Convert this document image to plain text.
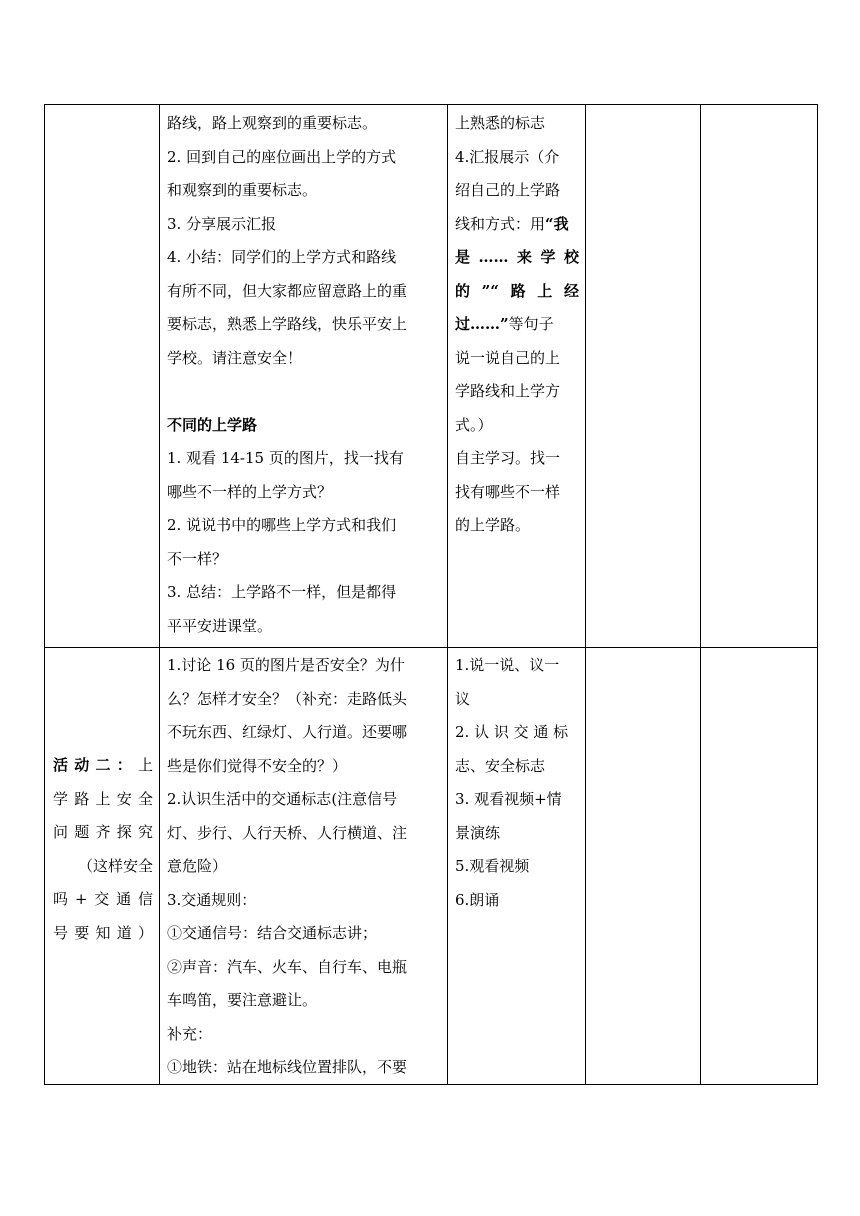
路线，路上观察到的重要标志。
2. 回到自己的座位画出上学的方式
和观察到的重要标志。
3. 分享展示汇报
4. 小结：同学们的上学方式和路线
有所不同，但大家都应留意路上的重
要标志，熟悉上学路线，快乐平安上
学校。请注意安全！
不同的上学路
1. 观看 14-15 页的图片，找一找有
哪些不一样的上学方式？
2. 说说书中的哪些上学方式和我们
不一样？
3. 总结：上学路不一样，但是都得
平平安进课堂。
上熟悉的标志
4.汇报展示（介
绍自己的上学路
线和方式：用“我
是……来学校
的”“路上经
过……”等句子
说一说自己的上
学路线和上学方
式。）
自主学习。找一
找有哪些不一样
的上学路。
活动二：上
学路上安全
问题齐探究
（这样安全
吗+交通信
号要知道）
1.讨论 16 页的图片是否安全？为什
么？怎样才安全？（补充：走路低头
不玩东西、红绿灯、人行道。还要哪
些是你们觉得不安全的？）
2.认识生活中的交通标志(注意信号
灯、步行、人行天桥、人行横道、注
意危险）
3.交通规则：
①交通信号：结合交通标志讲；
②声音：汽车、火车、自行车、电瓶
车鸣笛，要注意避让。
补充：
①地铁：站在地标线位置排队，不要
1.说一说、议一
议
2. 认 识 交 通 标
志、安全标志
3. 观看视频+情
景演练
5.观看视频
6.朗诵
